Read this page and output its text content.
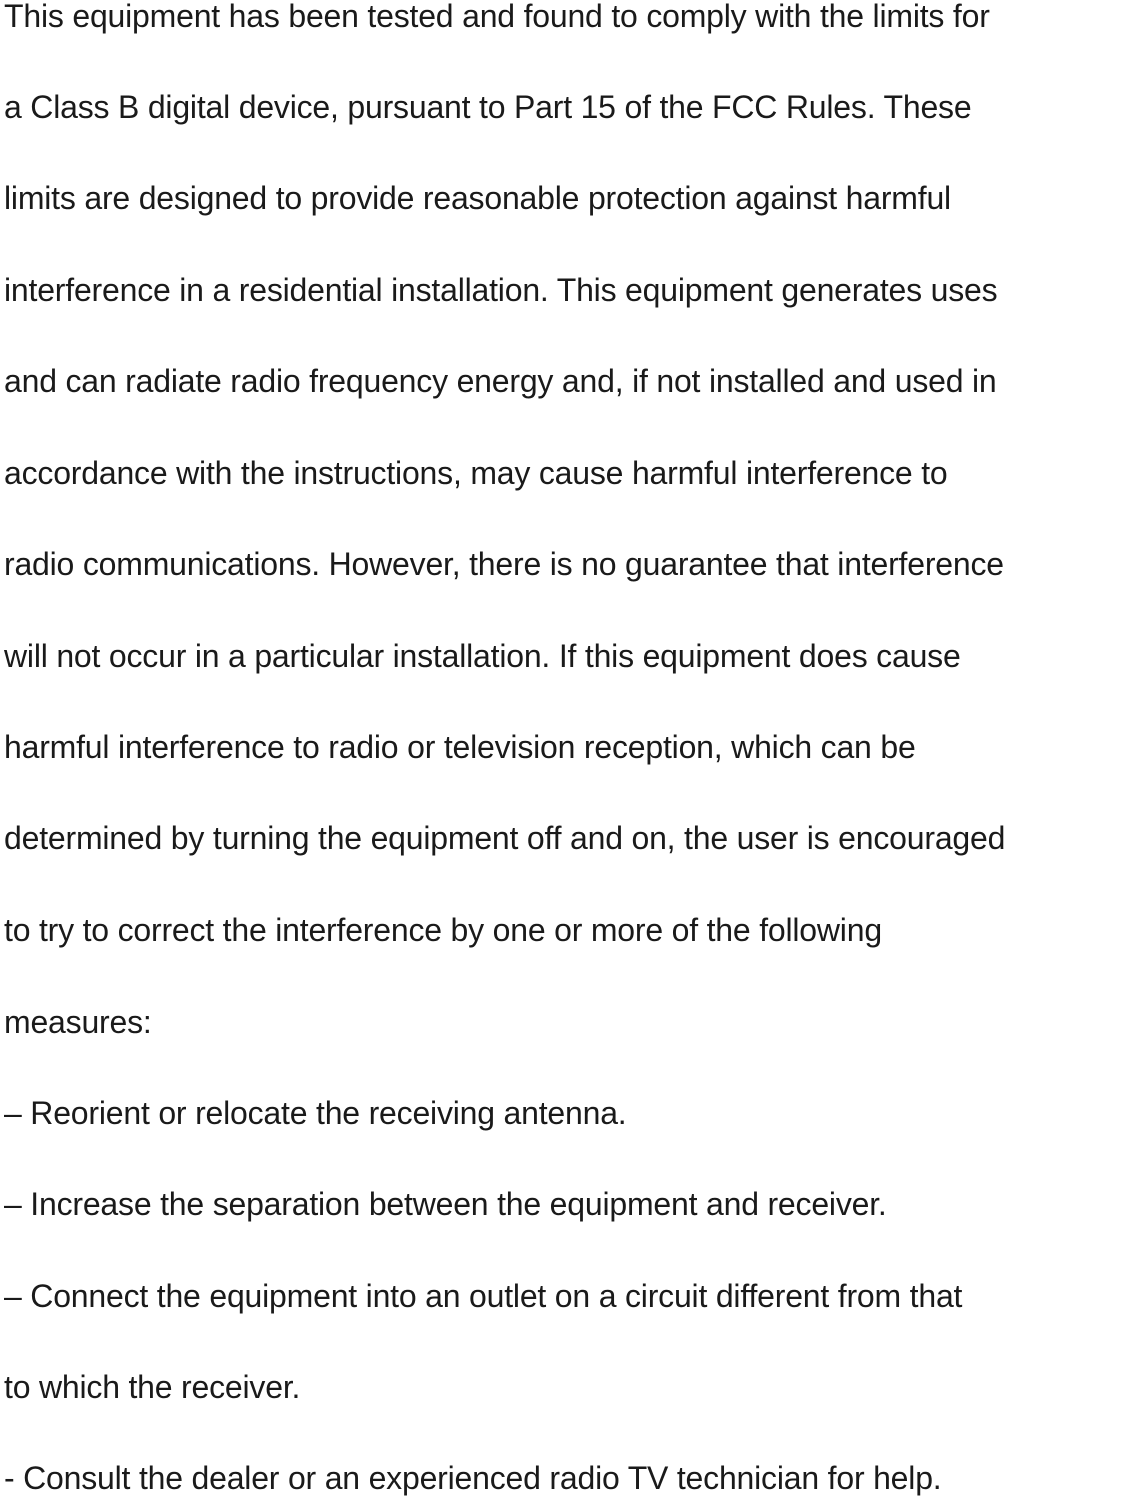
This equipment has been tested and found to comply with the limits for
a Class B digital device, pursuant to Part 15 of the FCC Rules. These
limits are designed to provide reasonable protection against harmful
interference in a residential installation. This equipment generates uses
and can radiate radio frequency energy and, if not installed and used in
accordance with the instructions, may cause harmful interference to
radio communications. However, there is no guarantee that interference
will not occur in a particular installation. If this equipment does cause
harmful interference to radio or television reception, which can be
determined by turning the equipment off and on, the user is encouraged
to try to correct the interference by one or more of the following
measures:
– Reorient or relocate the receiving antenna.
– Increase the separation between the equipment and receiver.
– Connect the equipment into an outlet on a circuit different from that
to which the receiver.
- Consult the dealer or an experienced radio TV technician for help.
